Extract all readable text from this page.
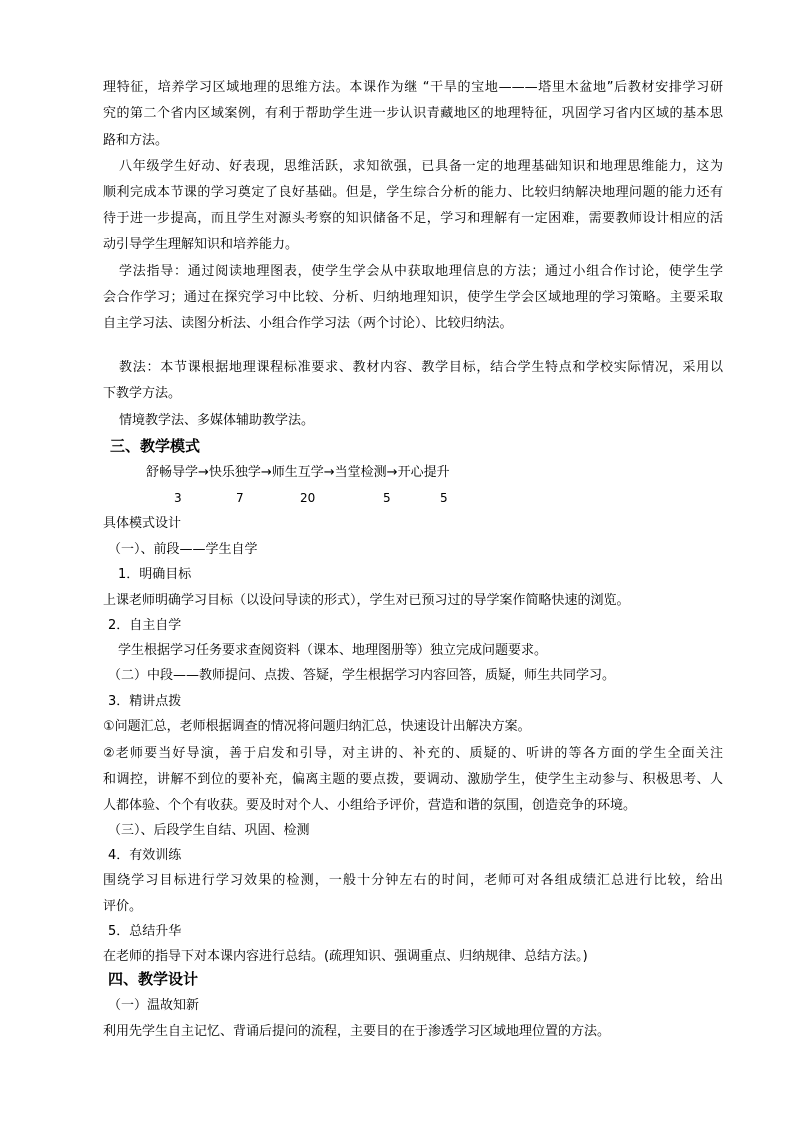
理特征，培养学习区域地理的思维方法。本课作为继 “干旱的宝地———塔里木盆地”后教材安排学习研

究的第二个省内区域案例，有利于帮助学生进一步认识青藏地区的地理特征，巩固学习省内区域的基本思

路和方法。

八年级学生好动、好表现，思维活跃，求知欲强，已具备一定的地理基础知识和地理思维能力，这为

顺利完成本节课的学习奠定了良好基础。但是，学生综合分析的能力、比较归纳解决地理问题的能力还有

待于进一步提高，而且学生对源头考察的知识储备不足，学习和理解有一定困难，需要教师设计相应的活

动引导学生理解知识和培养能力。

学法指导：通过阅读地理图表，使学生学会从中获取地理信息的方法；通过小组合作讨论，使学生学

会合作学习；通过在探究学习中比较、分析、归纳地理知识，使学生学会区域地理的学习策略。主要采取

自主学习法、读图分析法、小组合作学习法（两个讨论）、比较归纳法。

教法：本节课根据地理课程标准要求、教材内容、教学目标，结合学生特点和学校实际情况，采用以

下教学方法。

情境教学法、多媒体辅助教学法。

三、教学模式

舒畅导学→快乐独学→师生互学→当堂检测→开心提升

3	7	20	5	5

具体模式设计

（一）、前段——学生自学

1．明确目标

上课老师明确学习目标（以设问导读的形式），学生对已预习过的导学案作简略快速的浏览。

2．自主自学

学生根据学习任务要求查阅资料（课本、地理图册等）独立完成问题要求。

（二）中段——教师提问、点拨、答疑，学生根据学习内容回答，质疑，师生共同学习。

3．精讲点拨

①问题汇总，老师根据调查的情况将问题归纳汇总，快速设计出解决方案。

②老师要当好导演，善于启发和引导，对主讲的、补充的、质疑的、听讲的等各方面的学生全面关注

和调控，讲解不到位的要补充，偏离主题的要点拨，要调动、激励学生，使学生主动参与、积极思考、人

人都体验、个个有收获。要及时对个人、小组给予评价，营造和谐的氛围，创造竞争的环境。

（三）、后段学生自结、巩固、检测

4．有效训练

围绕学习目标进行学习效果的检测，一般十分钟左右的时间，老师可对各组成绩汇总进行比较，给出

评价。

5．总结升华

在老师的指导下对本课内容进行总结。(疏理知识、强调重点、归纳规律、总结方法。)

四、教学设计

（一）温故知新

利用先学生自主记忆、背诵后提问的流程，主要目的在于渗透学习区域地理位置的方法。
